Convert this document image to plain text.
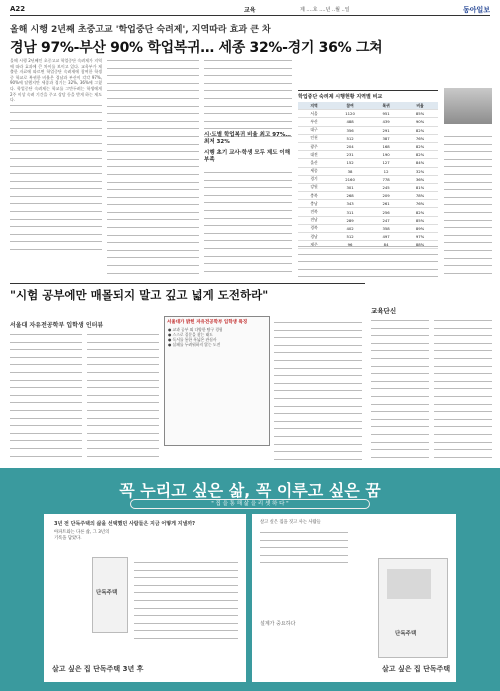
A22	교육	제 ....호 ....년 ..월 ..일	동아일보
올해 시행 2년째 초중고교 '학업중단 숙려제', 지역따라 효과 큰 차
경남 97%-부산 90% 학업복귀… 세종 32%-경기 36% 그쳐
올해 시행 2년째인 초중고교 학업중단 숙려제가 지역에 따라 효과에 큰 차이를 보이고 있다. 교육부가 제출한 자료에 따르면 학업중단 숙려제에 참여한 학생 중 학교로 복귀한 비율은 경남과 부산이 각각 97%, 90%에 달했지만 세종과 경기는 32%, 36%에 그쳤다. 학업중단 숙려제는 학교를 그만두려는 학생에게 2주 이상 숙려 기간을 주고 상담 등을 받게 하는 제도다.
시·도별 학업복귀 비율 최고 97%… 최저 32%
시행 초기 교사·학생 모두 제도 이해 부족
학업중단 숙려제 시행현황 지역별 비교
지역	참여	복귀	비율
서울	1120	951	85%
부산	488	439	90%
대구	356	291	82%
인천	512	387	76%
광주	204	168	82%
대전	231	190	82%
울산	152	127	84%
세종	38	12	32%
경기	2160	778	36%
강원	301	245	81%
충북	268	209	78%
충남	343	261	76%
전북	311	256	82%
전남	289	247	85%
경북	402	358	89%
경남	512	497	97%
제주	96	84	88%
"시험 공부에만 매몰되지 말고 깊고 넓게 도전하라"
서울대 자유전공학부 입학생 인터뷰	서울대가 밝힌 자유전공학부 입학생 특징
● 교과 공부 외 다양한 탐구 경험
● 스스로 질문을 찾는 태도
● 독서를 통한 폭넓은 관심사
● 실패를 두려워하지 않는 도전
교육단신
꼭 누리고 싶은 삶, 꼭 이루고 싶은 꿈
" 집 을 통 해 삶 을 리 셋 하 다 "
3년 전 단독주택의 삶을 선택했던 사람들은 지금 어떻게 지낼까?
아파트와는 다른 삶, 그 3년의 기록을 담았다.
단독주택
살고 싶은 집 단독주택 3년 후
살고 싶은 집을 짓고 사는 사람들
단독주택
살고 싶은 집 단독주택
설계가 중요하다
